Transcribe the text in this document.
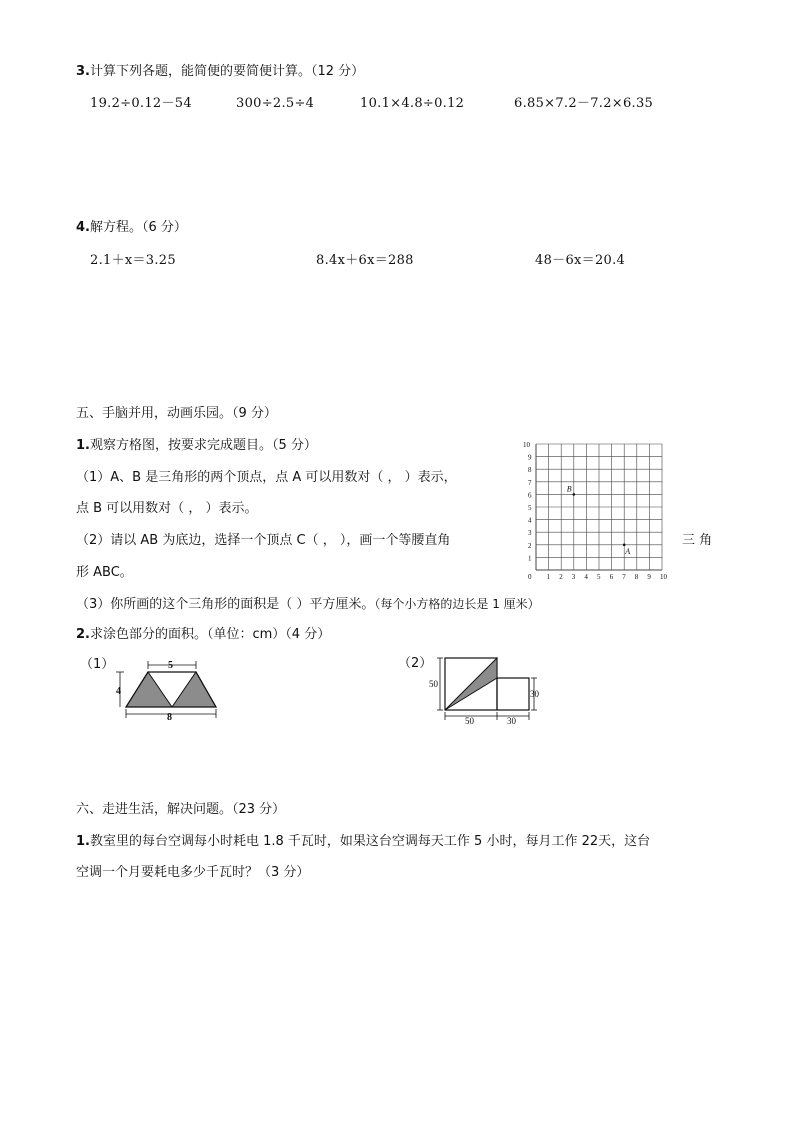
3.计算下列各题，能简便的要简便计算。（12 分）
19.2÷0.12－54	300÷2.5÷4	10.1×4.8÷0.12	6.85×7.2－7.2×6.35
4.解方程。（6 分）
2.1＋x＝3.25	8.4x＋6x＝288	48－6x＝20.4
五、手脑并用，动画乐园。（9 分）
1.观察方格图，按要求完成题目。（5 分）
（1）A、B 是三角形的两个顶点，点 A 可以用数对（ ， ）表示，
点 B 可以用数对（ ， ）表示。
（2）请以 AB 为底边，选择一个顶点 C（ ， ），画一个等腰直角	三 角
形 ABC。
（3）你所画的这个三角形的面积是（ ）平方厘米。（每个小方格的边长是 1 厘米）
1 2 3 4 5 6 7 8 9 10
1
2
3
4
5
6
7
8
9
10
0
B
A
2.求涂色部分的面积。（单位：cm）（4 分）
（1）	5
4
8
（2）
50
30
50	30
六、走进生活，解决问题。（23 分）
1.教室里的每台空调每小时耗电 1.8 千瓦时，如果这台空调每天工作 5 小时，每月工作 22天，这台
空调一个月要耗电多少千瓦时？（3 分）
